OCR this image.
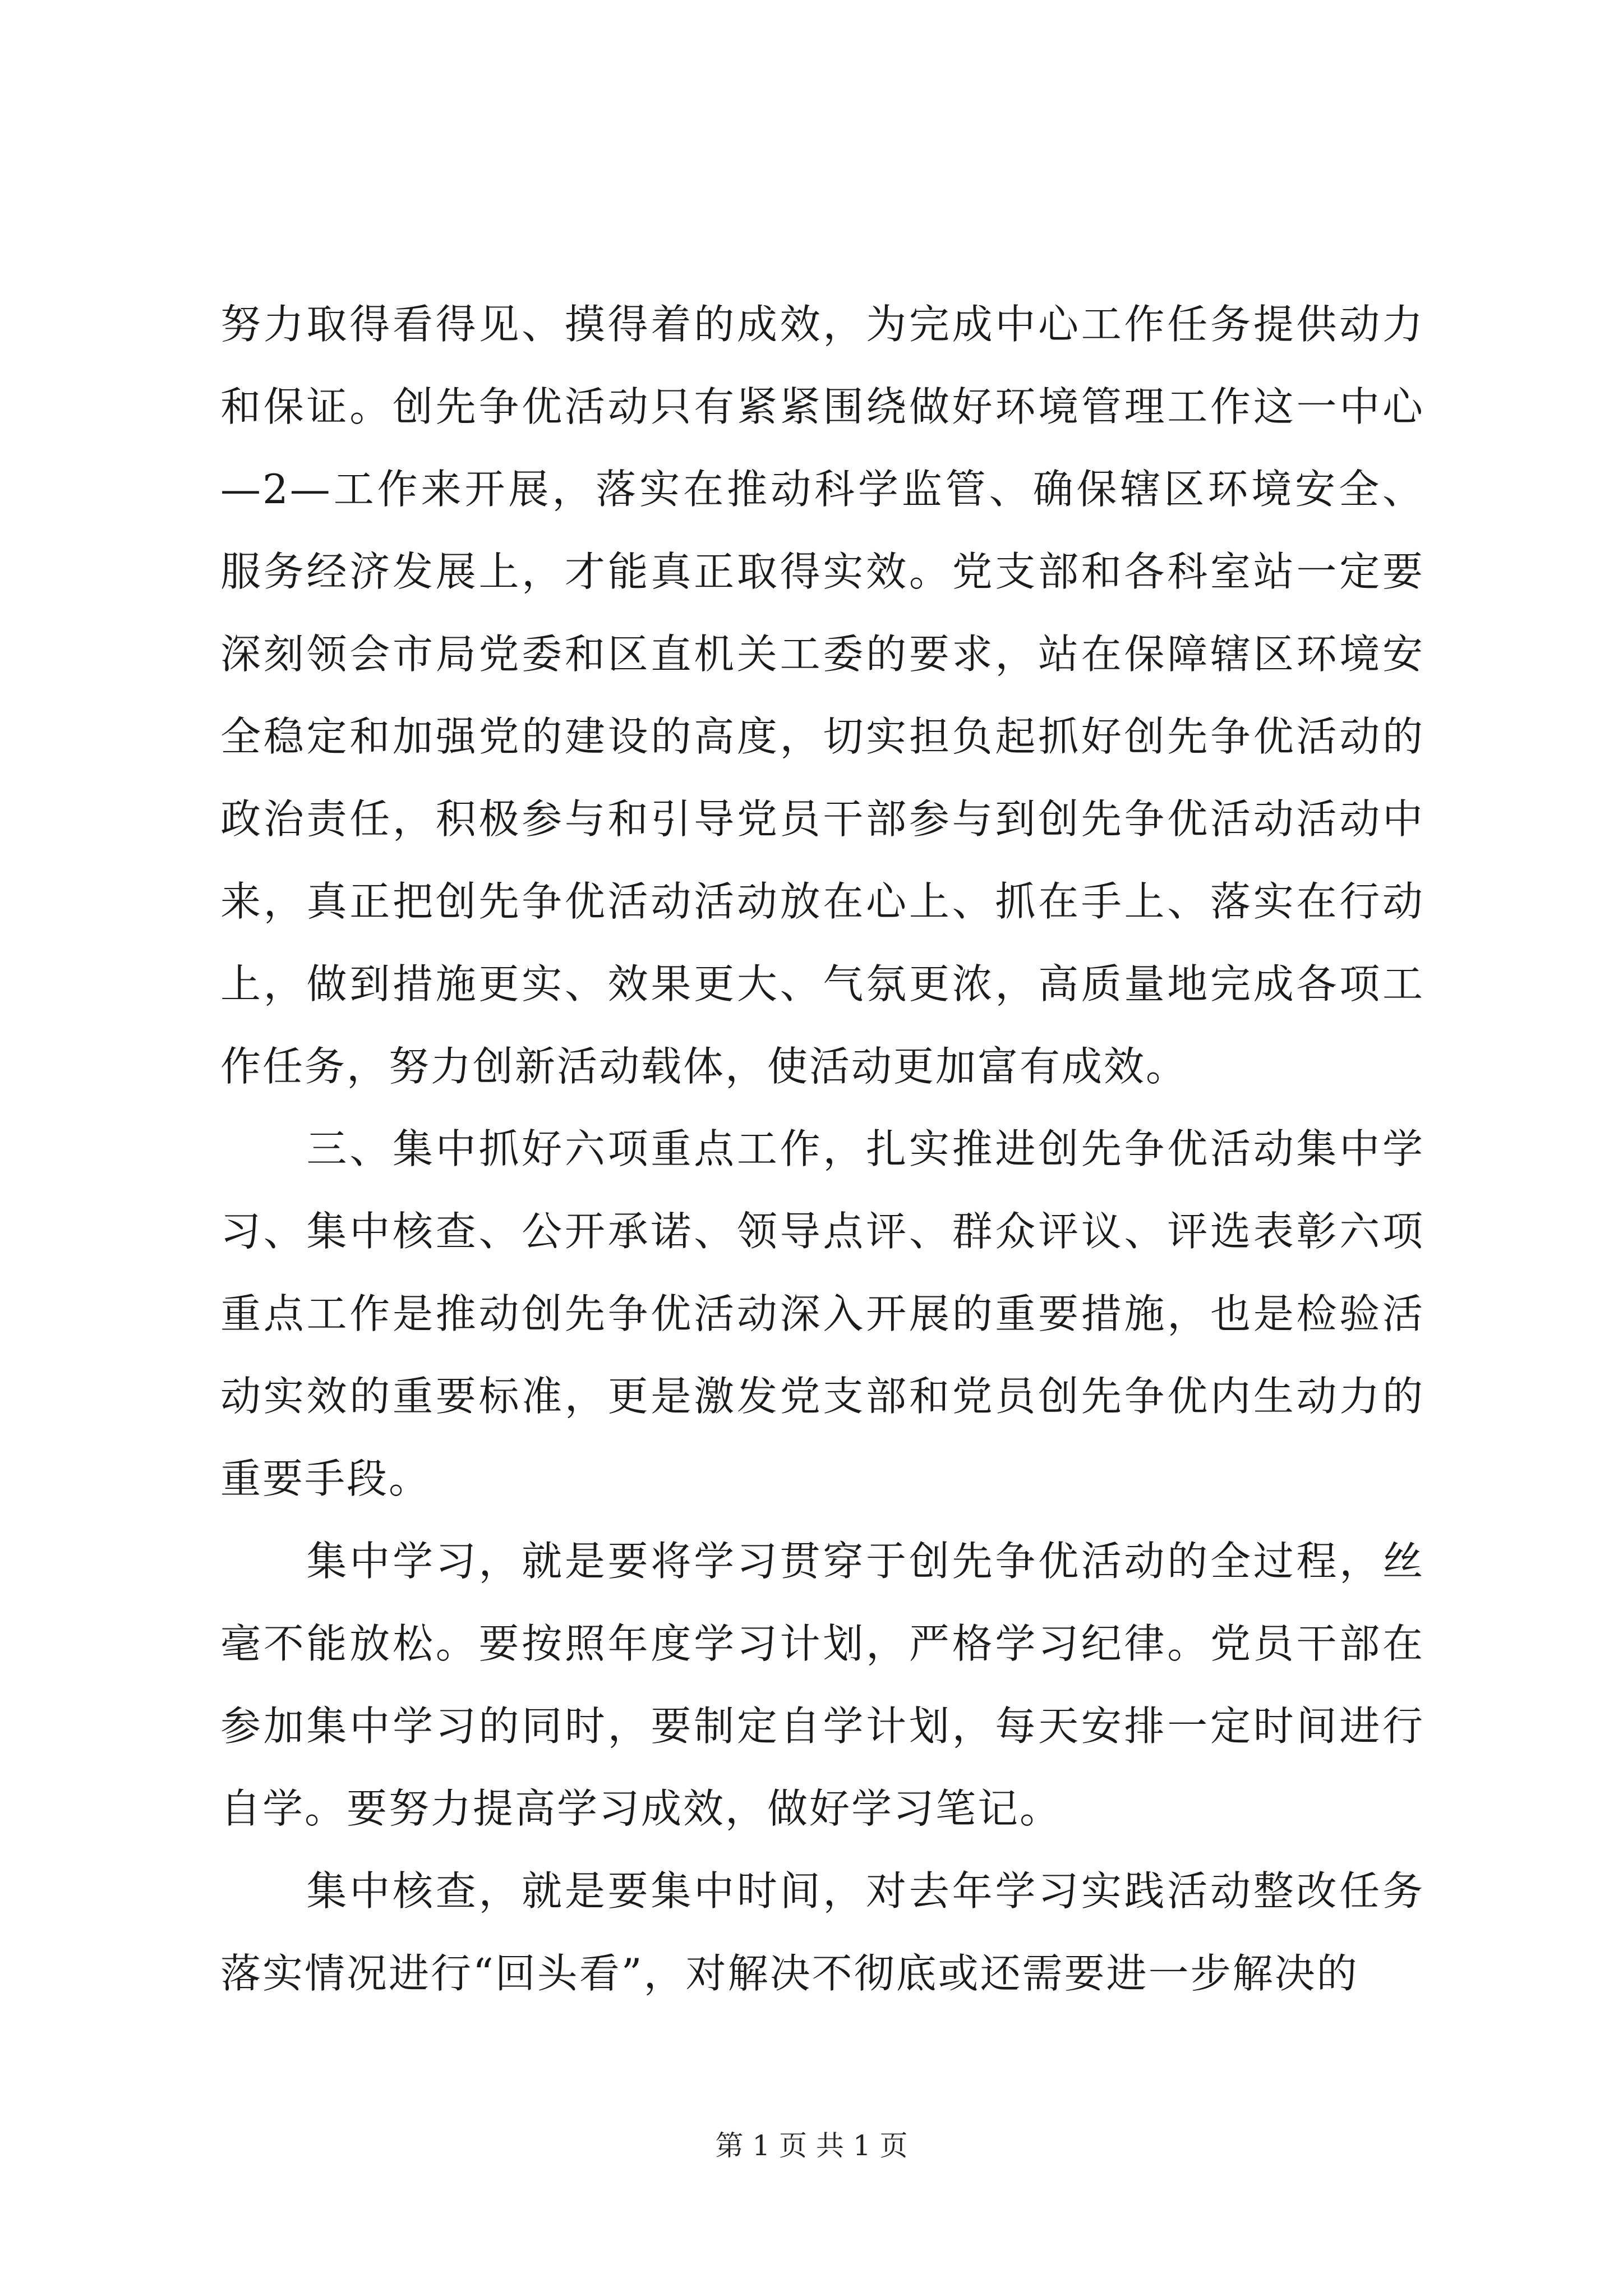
努力取得看得见、摸得着的成效，为完成中心工作任务提供动力和保证。创先争优活动只有紧紧围绕做好环境管理工作这一中心—2—工作来开展，落实在推动科学监管、确保辖区环境安全、服务经济发展上，才能真正取得实效。党支部和各科室站一定要深刻领会市局党委和区直机关工委的要求，站在保障辖区环境安全稳定和加强党的建设的高度，切实担负起抓好创先争优活动的政治责任，积极参与和引导党员干部参与到创先争优活动活动中来，真正把创先争优活动活动放在心上、抓在手上、落实在行动上，做到措施更实、效果更大、气氛更浓，高质量地完成各项工作任务，努力创新活动载体，使活动更加富有成效。

　　三、集中抓好六项重点工作，扎实推进创先争优活动集中学习、集中核查、公开承诺、领导点评、群众评议、评选表彰六项重点工作是推动创先争优活动深入开展的重要措施，也是检验活动实效的重要标准，更是激发党支部和党员创先争优内生动力的重要手段。

　　集中学习，就是要将学习贯穿于创先争优活动的全过程，丝毫不能放松。要按照年度学习计划，严格学习纪律。党员干部在参加集中学习的同时，要制定自学计划，每天安排一定时间进行自学。要努力提高学习成效，做好学习笔记。

　　集中核查，就是要集中时间，对去年学习实践活动整改任务落实情况进行“回头看”，对解决不彻底或还需要进一步解决的

第 1 页 共 1 页
